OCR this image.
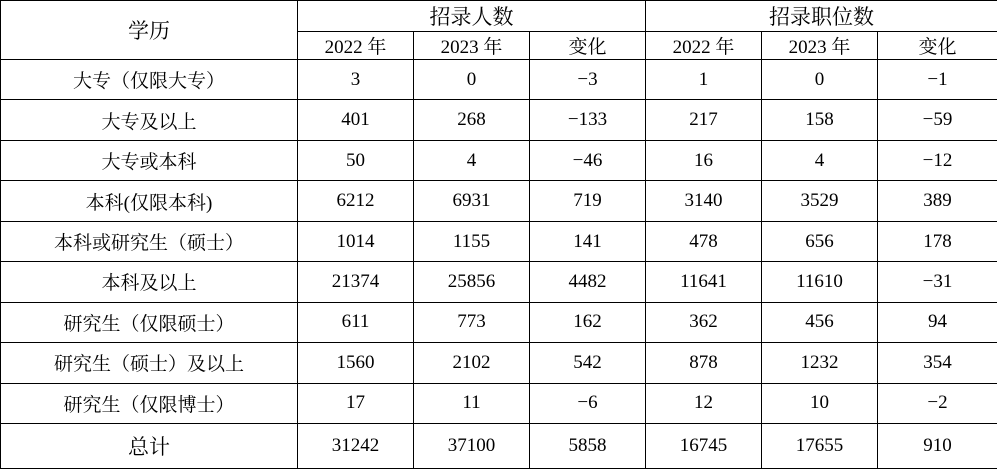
学历	招录人数			招录职位数		
	2022 年	2023 年	变化	2022 年	2023 年	变化
大专（仅限大专）	3	0	−3	1	0	−1
大专及以上	401	268	−133	217	158	−59
大专或本科	50	4	−46	16	4	−12
本科(仅限本科)	6212	6931	719	3140	3529	389
本科或研究生（硕士）	1014	1155	141	478	656	178
本科及以上	21374	25856	4482	11641	11610	−31
研究生（仅限硕士）	611	773	162	362	456	94
研究生（硕士）及以上	1560	2102	542	878	1232	354
研究生（仅限博士）	17	11	−6	12	10	−2
总计	31242	37100	5858	16745	17655	910
